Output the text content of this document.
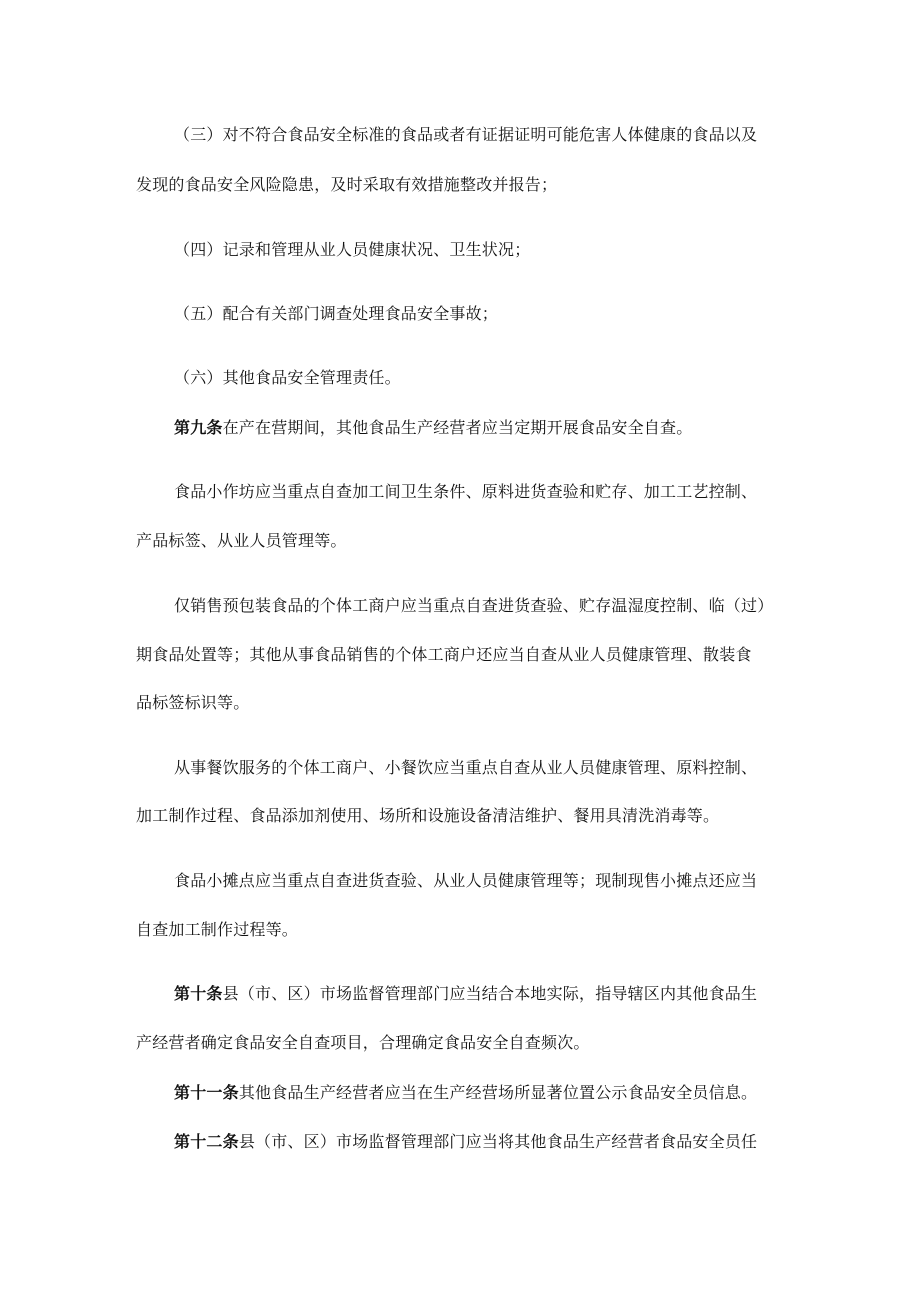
（三）对不符合食品安全标准的食品或者有证据证明可能危害人体健康的食品以及
发现的食品安全风险隐患，及时采取有效措施整改并报告；
（四）记录和管理从业人员健康状况、卫生状况；
（五）配合有关部门调查处理食品安全事故；
（六）其他食品安全管理责任。
第九条在产在营期间，其他食品生产经营者应当定期开展食品安全自查。
食品小作坊应当重点自查加工间卫生条件、原料进货查验和贮存、加工工艺控制、
产品标签、从业人员管理等。
仅销售预包装食品的个体工商户应当重点自查进货查验、贮存温湿度控制、临（过）
期食品处置等；其他从事食品销售的个体工商户还应当自查从业人员健康管理、散装食
品标签标识等。
从事餐饮服务的个体工商户、小餐饮应当重点自查从业人员健康管理、原料控制、
加工制作过程、食品添加剂使用、场所和设施设备清洁维护、餐用具清洗消毒等。
食品小摊点应当重点自查进货查验、从业人员健康管理等；现制现售小摊点还应当
自查加工制作过程等。
第十条县（市、区）市场监督管理部门应当结合本地实际，指导辖区内其他食品生
产经营者确定食品安全自查项目，合理确定食品安全自查频次。
第十一条其他食品生产经营者应当在生产经营场所显著位置公示食品安全员信息。
第十二条县（市、区）市场监督管理部门应当将其他食品生产经营者食品安全员任
